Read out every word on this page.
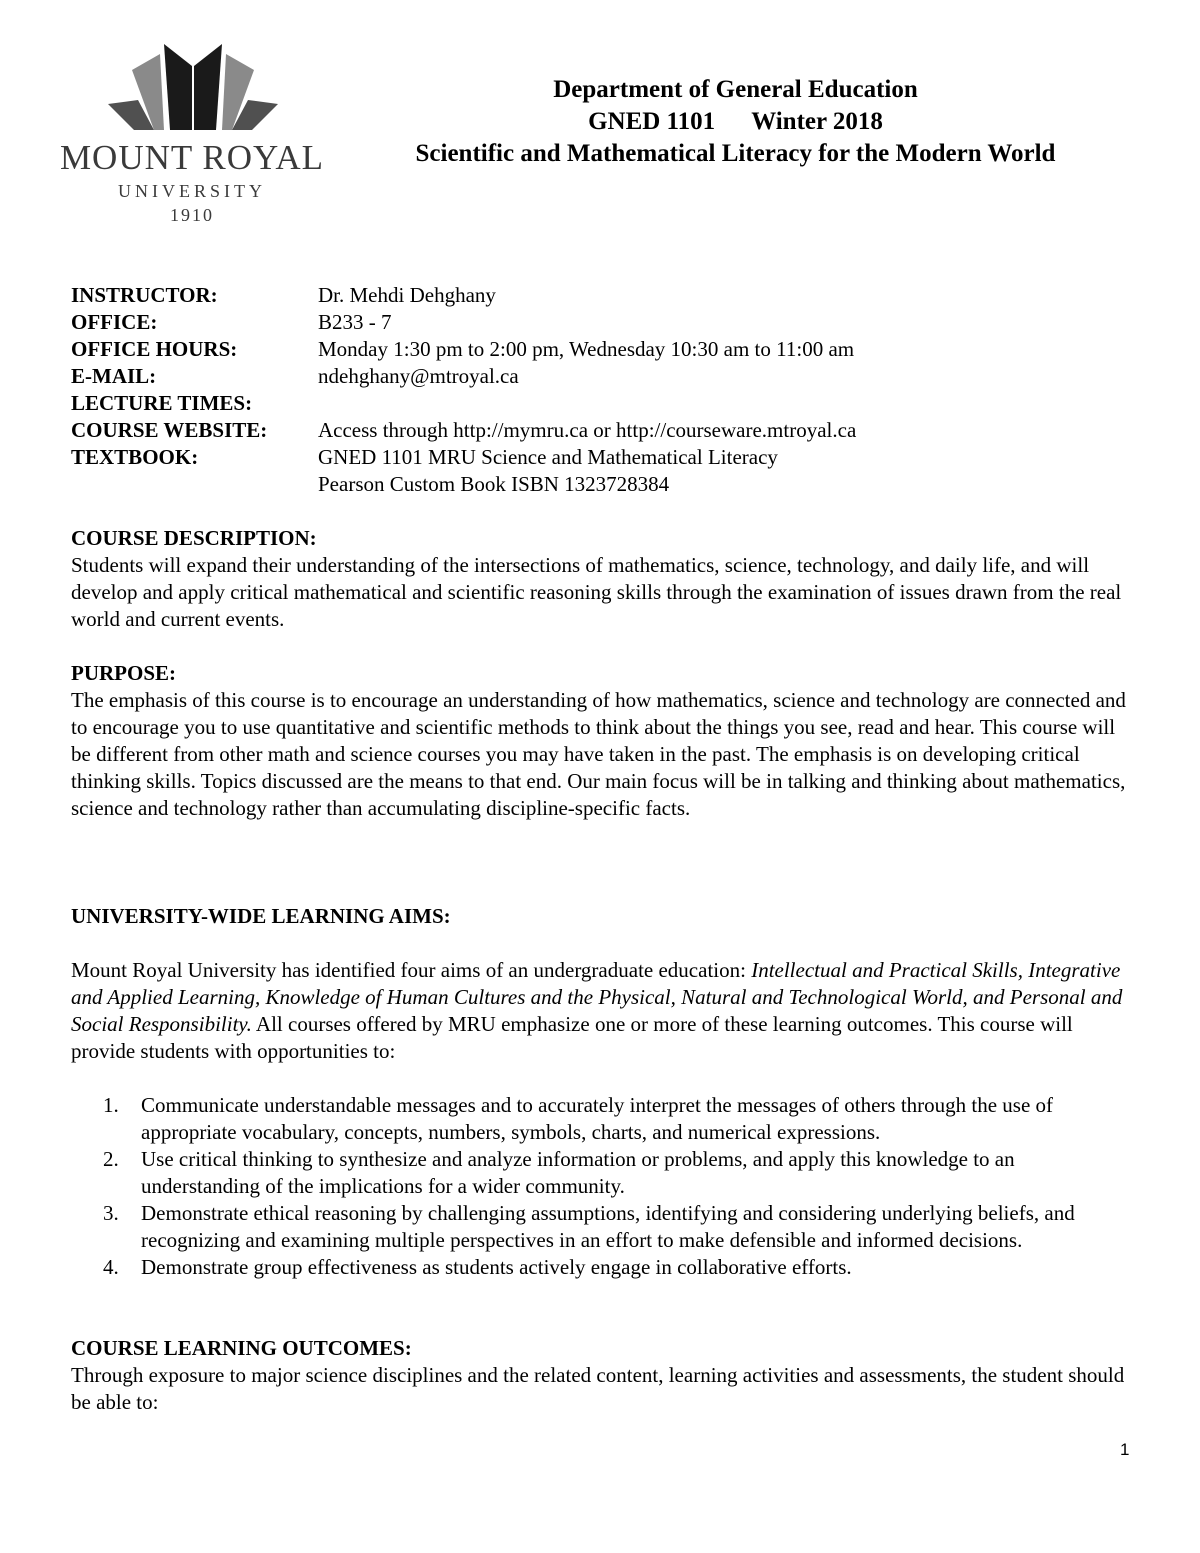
MOUNT ROYAL
UNIVERSITY
1910
Department of General Education
GNED 1101 Winter 2018
Scientific and Mathematical Literacy for the Modern World
INSTRUCTOR:	Dr. Mehdi Dehghany
OFFICE:	B233 - 7
OFFICE HOURS:	Monday 1:30 pm to 2:00 pm, Wednesday 10:30 am to 11:00 am
E-MAIL:	ndehghany@mtroyal.ca
LECTURE TIMES:
COURSE WEBSITE:	Access through http://mymru.ca or http://courseware.mtroyal.ca
TEXTBOOK:	GNED 1101 MRU Science and Mathematical Literacy
Pearson Custom Book ISBN 1323728384
COURSE DESCRIPTION:

Students will expand their understanding of the intersections of mathematics, science, technology, and daily life, and will develop and apply critical mathematical and scientific reasoning skills through the examination of issues drawn from the real world and current events.

PURPOSE:

The emphasis of this course is to encourage an understanding of how mathematics, science and technology are connected and to encourage you to use quantitative and scientific methods to think about the things you see, read and hear. This course will be different from other math and science courses you may have taken in the past. The emphasis is on developing critical thinking skills. Topics discussed are the means to that end. Our main focus will be in talking and thinking about mathematics, science and technology rather than accumulating discipline-specific facts.

UNIVERSITY-WIDE LEARNING AIMS:

Mount Royal University has identified four aims of an undergraduate education: Intellectual and Practical Skills, Integrative and Applied Learning, Knowledge of Human Cultures and the Physical, Natural and Technological World, and Personal and Social Responsibility. All courses offered by MRU emphasize one or more of these learning outcomes. This course will provide students with opportunities to:

1. Communicate understandable messages and to accurately interpret the messages of others through the use of appropriate vocabulary, concepts, numbers, symbols, charts, and numerical expressions.
2. Use critical thinking to synthesize and analyze information or problems, and apply this knowledge to an understanding of the implications for a wider community.
3. Demonstrate ethical reasoning by challenging assumptions, identifying and considering underlying beliefs, and recognizing and examining multiple perspectives in an effort to make defensible and informed decisions.
4. Demonstrate group effectiveness as students actively engage in collaborative efforts.
COURSE LEARNING OUTCOMES:

Through exposure to major science disciplines and the related content, learning activities and assessments, the student should be able to:

1
